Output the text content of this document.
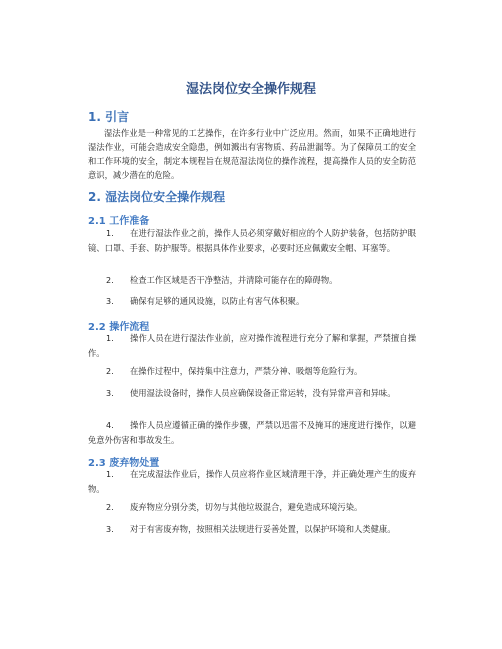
湿法岗位安全操作规程
1. 引言
湿法作业是一种常见的工艺操作，在许多行业中广泛应用。然而，如果不正确地进行湿法作业，可能会造成安全隐患，例如溅出有害物质、药品泄漏等。为了保障员工的安全和工作环境的安全，制定本规程旨在规范湿法岗位的操作流程，提高操作人员的安全防范意识，减少潜在的危险。
2. 湿法岗位安全操作规程
2.1 工作准备
1. 在进行湿法作业之前，操作人员必须穿戴好相应的个人防护装备，包括防护眼镜、口罩、手套、防护服等。根据具体作业要求，必要时还应佩戴安全帽、耳塞等。
2. 检查工作区域是否干净整洁，并清除可能存在的障碍物。
3. 确保有足够的通风设施，以防止有害气体积聚。
2.2 操作流程
1. 操作人员在进行湿法作业前，应对操作流程进行充分了解和掌握，严禁擅自操作。
2. 在操作过程中，保持集中注意力，严禁分神、吸烟等危险行为。
3. 使用湿法设备时，操作人员应确保设备正常运转，没有异常声音和异味。
4. 操作人员应遵循正确的操作步骤，严禁以迅雷不及掩耳的速度进行操作，以避免意外伤害和事故发生。
2.3 废弃物处置
1. 在完成湿法作业后，操作人员应将作业区域清理干净，并正确处理产生的废弃物。
2. 废弃物应分别分类，切勿与其他垃圾混合，避免造成环境污染。
3. 对于有害废弃物，按照相关法规进行妥善处置，以保护环境和人类健康。
